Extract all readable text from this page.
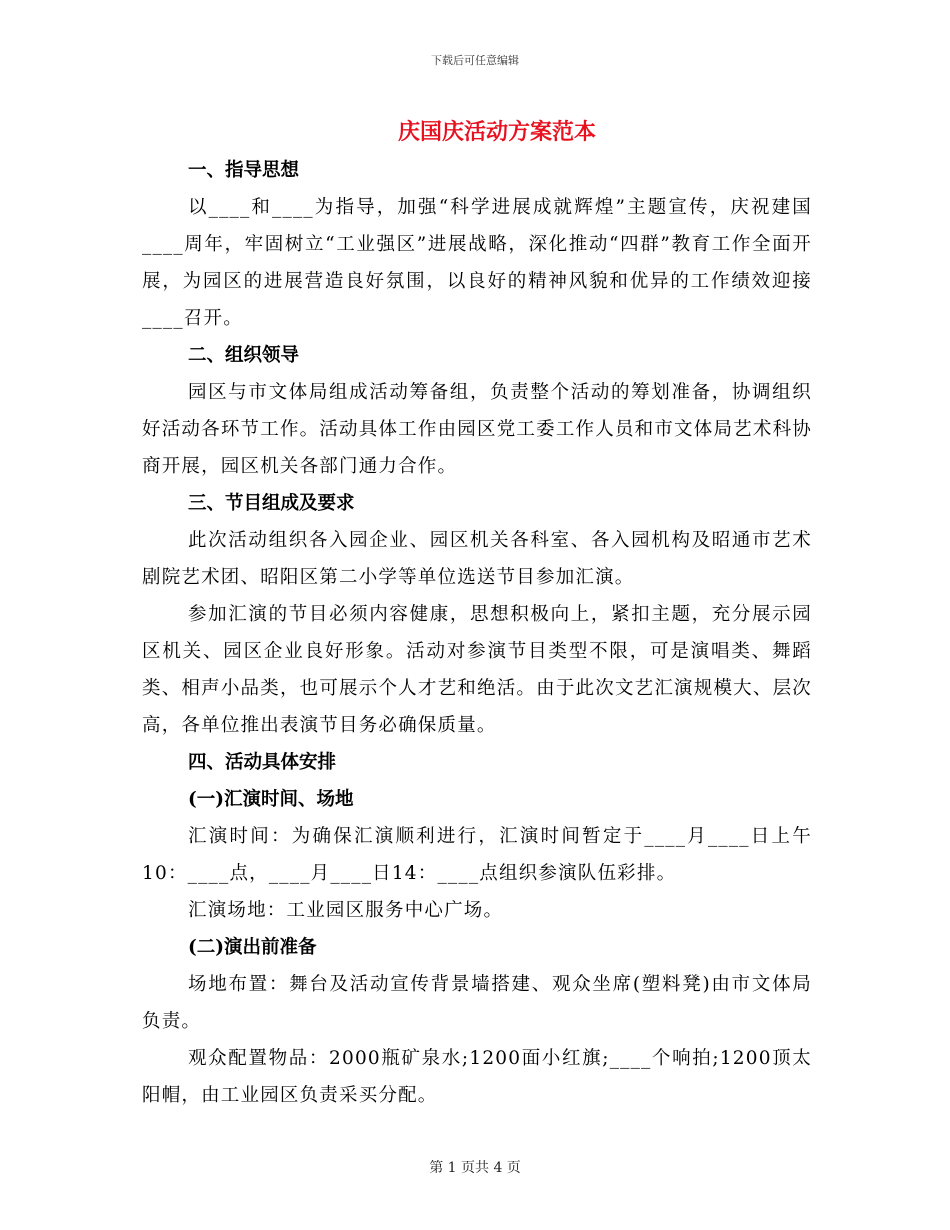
下载后可任意编辑
庆国庆活动方案范本
一、指导思想

以____和____为指导，加强“科学进展成就辉煌”主题宣传，庆祝建国____周年，牢固树立“工业强区”进展战略，深化推动“四群”教育工作全面开展，为园区的进展营造良好氛围，以良好的精神风貌和优异的工作绩效迎接____召开。

二、组织领导

园区与市文体局组成活动筹备组，负责整个活动的筹划准备，协调组织好活动各环节工作。活动具体工作由园区党工委工作人员和市文体局艺术科协商开展，园区机关各部门通力合作。

三、节目组成及要求

此次活动组织各入园企业、园区机关各科室、各入园机构及昭通市艺术剧院艺术团、昭阳区第二小学等单位选送节目参加汇演。

参加汇演的节目必须内容健康，思想积极向上，紧扣主题，充分展示园区机关、园区企业良好形象。活动对参演节目类型不限，可是演唱类、舞蹈类、相声小品类，也可展示个人才艺和绝活。由于此次文艺汇演规模大、层次高，各单位推出表演节目务必确保质量。

四、活动具体安排
(一)汇演时间、场地

汇演时间：为确保汇演顺利进行，汇演时间暂定于____月____日上午10：____点，____月____日14：____点组织参演队伍彩排。

汇演场地：工业园区服务中心广场。

(二)演出前准备

场地布置：舞台及活动宣传背景墙搭建、观众坐席(塑料凳)由市文体局负责。

观众配置物品：2000瓶矿泉水;1200面小红旗;____个响拍;1200顶太阳帽，由工业园区负责采买分配。

第 1 页共 4 页
